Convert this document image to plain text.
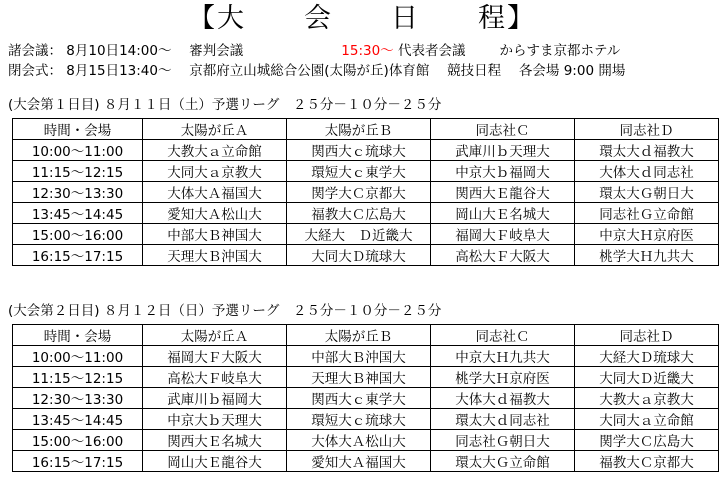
【大　　会　　日　　程】
諸会議： 8月10日14:00～　 審判会議	15:30～ 代表者会議	からすま京都ホテル
閉会式： 8月15日13:40～　 京都府立山城総合公園(太陽が丘)体育館　 競技日程　 各会場 9:00 開場
(大会第１日目) ８月１１日（土）予選リーグ　２５分－１０分－２５分
時間・会場	太陽が丘Ａ	太陽が丘Ｂ	同志社Ｃ	同志社Ｄ
10:00～11:00	大教大ａ立命館	関西大ｃ琉球大	武庫川ｂ天理大	環太大ｄ福教大
11:15～12:15	大同大ａ京教大	環短大ｃ東学大	中京大ｂ福岡大	大体大ｄ同志社
12:30～13:30	大体大Ａ福国大	関学大Ｃ京都大	関西大Ｅ龍谷大	環太大Ｇ朝日大
13:45～14:45	愛知大Ａ松山大	福教大Ｃ広島大	岡山大Ｅ名城大	同志社Ｇ立命館
15:00～16:00	中部大Ｂ神国大	大経大　Ｄ近畿大	福岡大Ｆ岐阜大	中京大Ｈ京府医
16:15～17:15	天理大Ｂ沖国大	大同大Ｄ琉球大	高松大Ｆ大阪大	桃学大Ｈ九共大
(大会第２日目) ８月１２日（日）予選リーグ　２５分－１０分－２５分
時間・会場	太陽が丘Ａ	太陽が丘Ｂ	同志社Ｃ	同志社Ｄ
10:00～11:00	福岡大Ｆ大阪大	中部大Ｂ沖国大	中京大Ｈ九共大	大経大Ｄ琉球大
11:15～12:15	高松大Ｆ岐阜大	天理大Ｂ神国大	桃学大Ｈ京府医	大同大Ｄ近畿大
12:30～13:30	武庫川ｂ福岡大	関西大ｃ東学大	大体大ｄ福教大	大教大ａ京教大
13:45～14:45	中京大ｂ天理大	環短大ｃ琉球大	環太大ｄ同志社	大同大ａ立命館
15:00～16:00	関西大Ｅ名城大	大体大Ａ松山大	同志社Ｇ朝日大	関学大Ｃ広島大
16:15～17:15	岡山大Ｅ龍谷大	愛知大Ａ福国大	環太大Ｇ立命館	福教大Ｃ京都大
